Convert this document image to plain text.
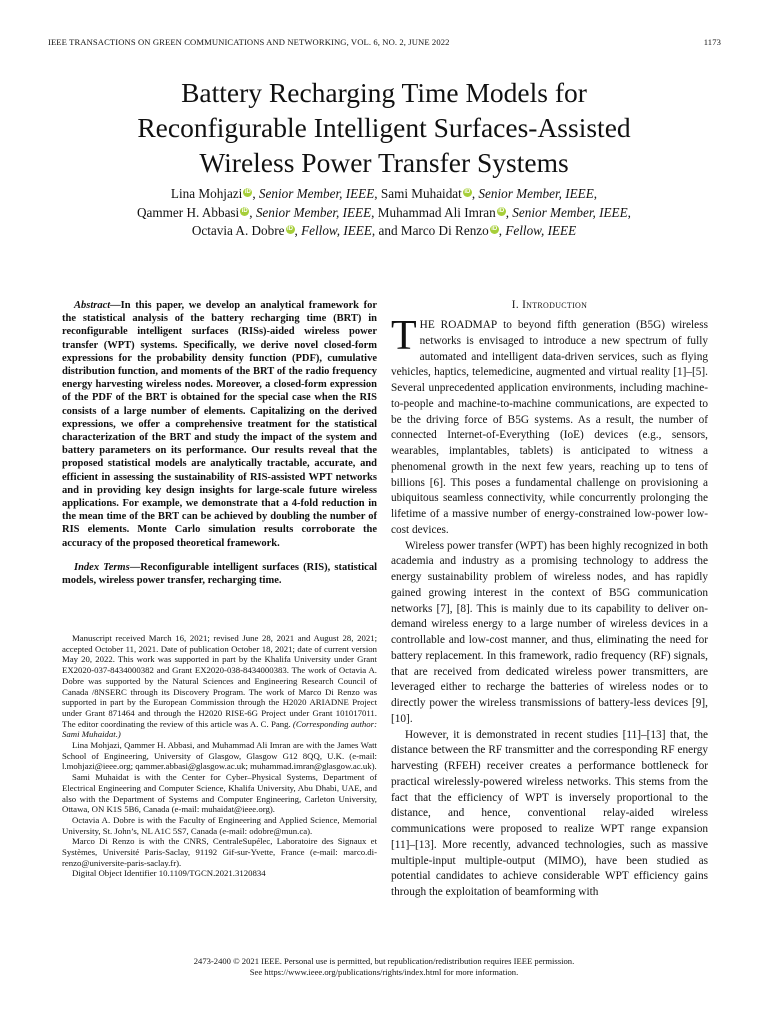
IEEE TRANSACTIONS ON GREEN COMMUNICATIONS AND NETWORKING, VOL. 6, NO. 2, JUNE 2022	1173
Battery Recharging Time Models for
Reconfigurable Intelligent Surfaces-Assisted
Wireless Power Transfer Systems
Lina Mohjazi iD , Senior Member, IEEE, Sami Muhaidat iD , Senior Member, IEEE,
Qammer H. Abbasi iD , Senior Member, IEEE, Muhammad Ali Imran iD , Senior Member, IEEE,
Octavia A. Dobre iD , Fellow, IEEE, and Marco Di Renzo iD , Fellow, IEEE

Abstract—In this paper, we develop an analytical framework for the statistical analysis of the battery recharging time (BRT) in reconfigurable intelligent surfaces (RISs)-aided wireless power transfer (WPT) systems. Specifically, we derive novel closed-form expressions for the probability density function (PDF), cumulative distribution function, and moments of the BRT of the radio frequency energy harvesting wireless nodes. Moreover, a closed-form expression of the PDF of the BRT is obtained for the special case when the RIS consists of a large number of elements. Capitalizing on the derived expressions, we offer a comprehensive treatment for the statistical characterization of the BRT and study the impact of the system and battery parameters on its performance. Our results reveal that the proposed statistical models are analytically tractable, accurate, and efficient in assessing the sustainability of RIS-assisted WPT networks and in providing key design insights for large-scale future wireless applications. For example, we demonstrate that a 4-fold reduction in the mean time of the BRT can be achieved by doubling the number of RIS elements. Monte Carlo simulation results corroborate the accuracy of the proposed theoretical framework.

Index Terms—Reconfigurable intelligent surfaces (RIS), statistical models, wireless power transfer, recharging time.

Manuscript received March 16, 2021; revised June 28, 2021 and August 28, 2021; accepted October 11, 2021. Date of publication October 18, 2021; date of current version May 20, 2022. This work was supported in part by the Khalifa University under Grant EX2020-037-8434000382 and Grant EX2020-038-8434000383. The work of Octavia A. Dobre was supported by the Natural Sciences and Engineering Research Council of Canada /8NSERC through its Discovery Program. The work of Marco Di Renzo was supported in part by the European Commission through the H2020 ARIADNE Project under Grant 871464 and through the H2020 RISE-6G Project under Grant 101017011. The editor coordinating the review of this article was A. C. Pang. (Corresponding author: Sami Muhaidat.)

Lina Mohjazi, Qammer H. Abbasi, and Muhammad Ali Imran are with the James Watt School of Engineering, University of Glasgow, Glasgow G12 8QQ, U.K. (e-mail: l.mohjazi@ieee.org; qammer.abbasi@glasgow.ac.uk; muhammad.imran@glasgow.ac.uk).

Sami Muhaidat is with the Center for Cyber–Physical Systems, Department of Electrical Engineering and Computer Science, Khalifa University, Abu Dhabi, UAE, and also with the Department of Systems and Computer Engineering, Carleton University, Ottawa, ON K1S 5B6, Canada (e-mail: muhaidat@ieee.org).

Octavia A. Dobre is with the Faculty of Engineering and Applied Science, Memorial University, St. John’s, NL A1C 5S7, Canada (e-mail: odobre@mun.ca).

Marco Di Renzo is with the CNRS, CentraleSupélec, Laboratoire des Signaux et Systèmes, Université Paris-Saclay, 91192 Gif-sur-Yvette, France (e-mail: marco.di-renzo@universite-paris-saclay.fr).

Digital Object Identifier 10.1109/TGCN.2021.3120834

I. Introduction

THE ROADMAP to beyond fifth generation (B5G) wireless networks is envisaged to introduce a new spectrum of fully automated and intelligent data-driven services, such as flying vehicles, haptics, telemedicine, augmented and virtual reality [1]–[5]. Several unprecedented application environments, including machine-to-people and machine-to-machine communications, are expected to be the driving force of B5G systems. As a result, the number of connected Internet-of-Everything (IoE) devices (e.g., sensors, wearables, implantables, tablets) is anticipated to witness a phenomenal growth in the next few years, reaching up to tens of billions [6]. This poses a fundamental challenge on provisioning a ubiquitous seamless connectivity, while concurrently prolonging the lifetime of a massive number of energy-constrained low-power low-cost devices.

Wireless power transfer (WPT) has been highly recognized in both academia and industry as a promising technology to address the energy sustainability problem of wireless nodes, and has rapidly gained growing interest in the context of B5G communication networks [7], [8]. This is mainly due to its capability to deliver on-demand wireless energy to a large number of wireless devices in a controllable and low-cost manner, and thus, eliminating the need for battery replacement. In this framework, radio frequency (RF) signals, that are received from dedicated wireless power transmitters, are leveraged either to recharge the batteries of wireless nodes or to directly power the wireless transmissions of battery-less devices [9], [10].

However, it is demonstrated in recent studies [11]–[13] that, the distance between the RF transmitter and the corresponding RF energy harvesting (RFEH) receiver creates a performance bottleneck for practical wirelessly-powered wireless networks. This stems from the fact that the efficiency of WPT is inversely proportional to the distance, and hence, conventional relay-aided wireless communications were proposed to realize WPT range expansion [11]–[13]. More recently, advanced technologies, such as massive multiple-input multiple-output (MIMO), have been studied as potential candidates to achieve considerable WPT efficiency gains through the exploitation of beamforming with

2473-2400 © 2021 IEEE. Personal use is permitted, but republication/redistribution requires IEEE permission.
See https://www.ieee.org/publications/rights/index.html for more information.
